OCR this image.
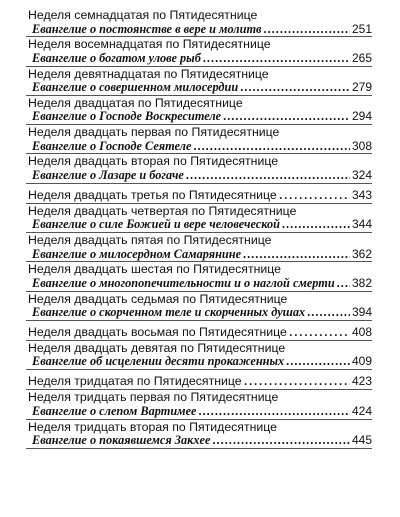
Неделя семнадцатая по Пятидесятнице
Евангелие о постоянстве в вере и молитв .....	251
Неделя восемнадцатая по Пятидесятнице
Евангелие о богатом улове рыб .....	265
Неделя девятнадцатая по Пятидесятнице
Евангелие о совершенном милосердии .....	279
Неделя двадцатая по Пятидесятнице
Евангелие о Господе Воскресителе .....	294
Неделя двадцать первая по Пятидесятнице
Евангелие о Господе Сеятеле .....	308
Неделя двадцать вторая по Пятидесятнице
Евангелие о Лазаре и богаче .....	324
Неделя двадцать третья по Пятидесятнице .....	343
Неделя двадцать четвертая по Пятидесятнице
Евангелие о силе Божией и вере человеческой .....	344
Неделя двадцать пятая по Пятидесятнице
Евангелие о милосердном Самарянине .....	362
Неделя двадцать шестая по Пятидесятнице
Евангелие о многопопечительности и о наглой смерти ..... 382
Неделя двадцать седьмая по Пятидесятнице
Евангелие о скорченном теле и скорченных душах .....	394
Неделя двадцать восьмая по Пятидесятнице .....	408
Неделя двадцать девятая по Пятидесятнице
Евангелие об исцелении десяти прокаженных .....	409
Неделя тридцатая по Пятидесятнице .....	423
Неделя тридцать первая по Пятидесятнице
Евангелие о слепом Вартимее .....	424
Неделя тридцать вторая по Пятидесятнице
Евангелие о покаявшемся Закхее .....	445
